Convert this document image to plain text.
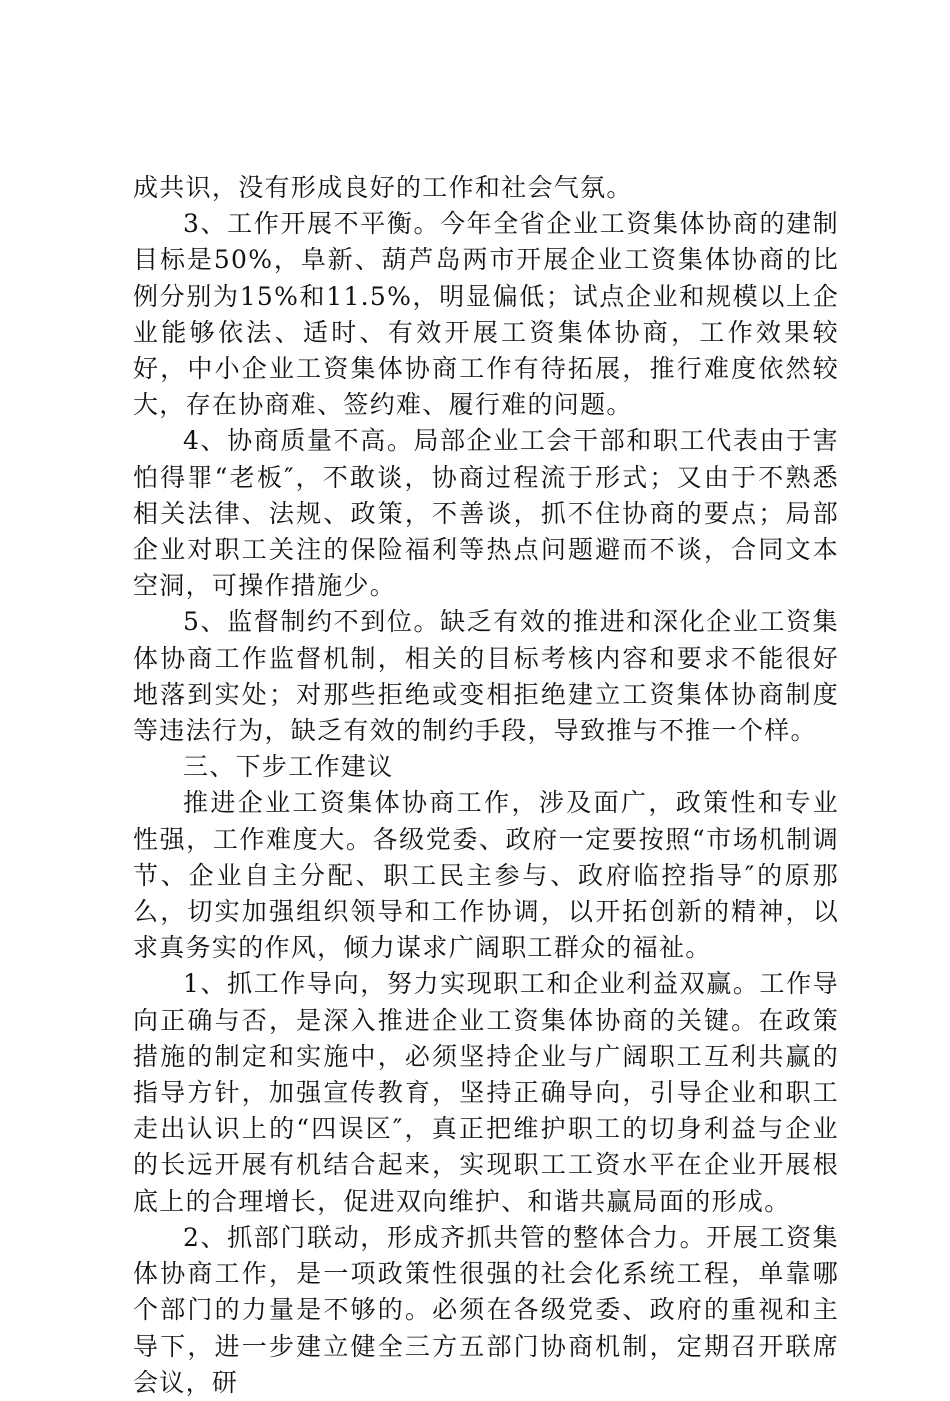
成共识，没有形成良好的工作和社会气氛。

3、工作开展不平衡。今年全省企业工资集体协商的建制目标是50%，阜新、葫芦岛两市开展企业工资集体协商的比例分别为15%和11.5%，明显偏低；试点企业和规模以上企业能够依法、适时、有效开展工资集体协商，工作效果较好，中小企业工资集体协商工作有待拓展，推行难度依然较大，存在协商难、签约难、履行难的问题。

4、协商质量不高。局部企业工会干部和职工代表由于害怕得罪“老板″，不敢谈，协商过程流于形式；又由于不熟悉相关法律、法规、政策，不善谈，抓不住协商的要点；局部企业对职工关注的保险福利等热点问题避而不谈，合同文本空洞，可操作措施少。

5、监督制约不到位。缺乏有效的推进和深化企业工资集体协商工作监督机制，相关的目标考核内容和要求不能很好地落到实处；对那些拒绝或变相拒绝建立工资集体协商制度等违法行为，缺乏有效的制约手段，导致推与不推一个样。

三、下步工作建议

推进企业工资集体协商工作，涉及面广，政策性和专业性强，工作难度大。各级党委、政府一定要按照“市场机制调节、企业自主分配、职工民主参与、政府临控指导″的原那么，切实加强组织领导和工作协调，以开拓创新的精神，以求真务实的作风，倾力谋求广阔职工群众的福祉。

1、抓工作导向，努力实现职工和企业利益双赢。工作导向正确与否，是深入推进企业工资集体协商的关键。在政策措施的制定和实施中，必须坚持企业与广阔职工互利共赢的指导方针，加强宣传教育，坚持正确导向，引导企业和职工走出认识上的“四误区″，真正把维护职工的切身利益与企业的长远开展有机结合起来，实现职工工资水平在企业开展根底上的合理增长，促进双向维护、和谐共赢局面的形成。

2、抓部门联动，形成齐抓共管的整体合力。开展工资集体协商工作，是一项政策性很强的社会化系统工程，单靠哪个部门的力量是不够的。必须在各级党委、政府的重视和主导下，进一步建立健全三方五部门协商机制，定期召开联席会议，研
